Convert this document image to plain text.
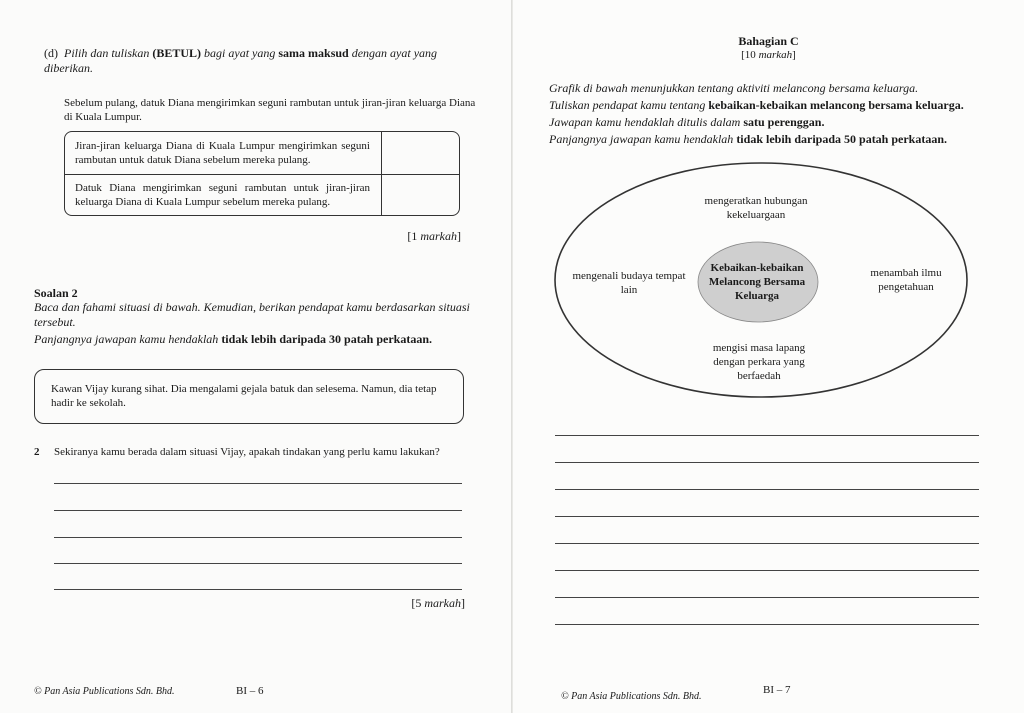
(d) Pilih dan tuliskan (BETUL) bagi ayat yang sama maksud dengan ayat yang diberikan.
Sebelum pulang, datuk Diana mengirimkan seguni rambutan untuk jiran-jiran keluarga Diana di Kuala Lumpur.
Jiran-jiran keluarga Diana di Kuala Lumpur mengirimkan seguni rambutan untuk datuk Diana sebelum mereka pulang.
Datuk Diana mengirimkan seguni rambutan untuk jiran-jiran keluarga Diana di Kuala Lumpur sebelum mereka pulang.
[1 markah]
Soalan 2
Baca dan fahami situasi di bawah. Kemudian, berikan pendapat kamu berdasarkan situasi tersebut.
Panjangnya jawapan kamu hendaklah tidak lebih daripada 30 patah perkataan.
Kawan Vijay kurang sihat. Dia mengalami gejala batuk dan selesema. Namun, dia tetap hadir ke sekolah.
2 Sekiranya kamu berada dalam situasi Vijay, apakah tindakan yang perlu kamu lakukan?
[5 markah]
© Pan Asia Publications Sdn. Bhd.	BI – 6
Bahagian C
[10 markah]
Grafik di bawah menunjukkan tentang aktiviti melancong bersama keluarga.
Tuliskan pendapat kamu tentang kebaikan-kebaikan melancong bersama keluarga.
Jawapan kamu hendaklah ditulis dalam satu perenggan.
Panjangnya jawapan kamu hendaklah tidak lebih daripada 50 patah perkataan.
Kebaikan-kebaikan Melancong Bersama Keluarga
mengeratkan hubungan kekeluargaan
mengenali budaya tempat lain
menambah ilmu pengetahuan
mengisi masa lapang dengan perkara yang berfaedah
© Pan Asia Publications Sdn. Bhd.
BI – 7
